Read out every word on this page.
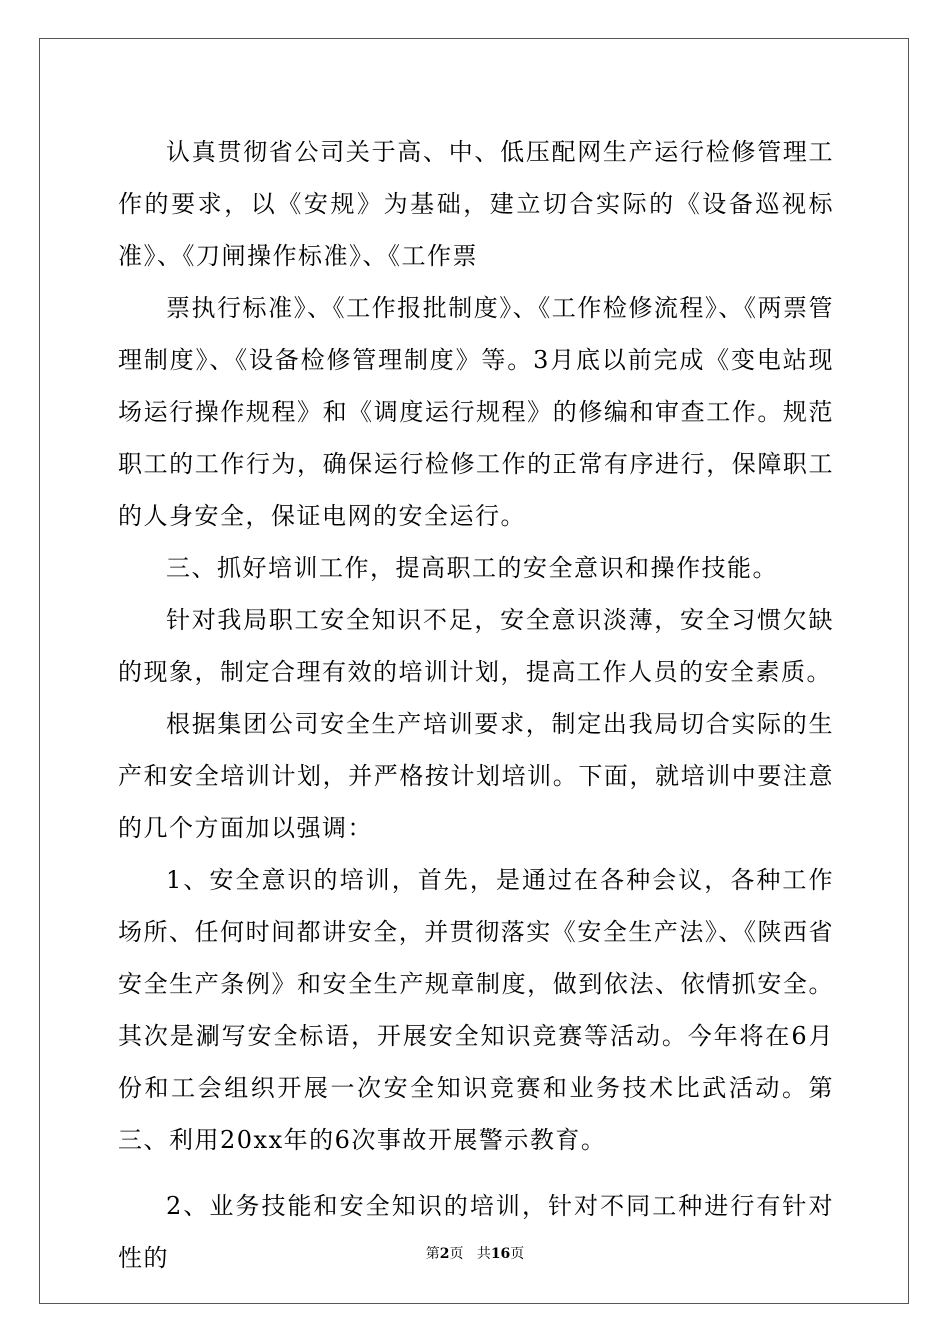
认真贯彻省公司关于高、中、低压配网生产运行检修管理工作的要求，以《安规》为基础，建立切合实际的《设备巡视标准》、《刀闸操作标准》、《工作票

票执行标准》、《工作报批制度》、《工作检修流程》、《两票管理制度》、《设备检修管理制度》等。3月底以前完成《变电站现场运行操作规程》和《调度运行规程》的修编和审查工作。规范职工的工作行为，确保运行检修工作的正常有序进行，保障职工的人身安全，保证电网的安全运行。

三、抓好培训工作，提高职工的安全意识和操作技能。

针对我局职工安全知识不足，安全意识淡薄，安全习惯欠缺的现象，制定合理有效的培训计划，提高工作人员的安全素质。

根据集团公司安全生产培训要求，制定出我局切合实际的生产和安全培训计划，并严格按计划培训。下面，就培训中要注意的几个方面加以强调：

1、安全意识的培训，首先，是通过在各种会议，各种工作场所、任何时间都讲安全，并贯彻落实《安全生产法》、《陕西省安全生产条例》和安全生产规章制度，做到依法、依情抓安全。其次是涮写安全标语，开展安全知识竞赛等活动。今年将在6月份和工会组织开展一次安全知识竞赛和业务技术比武活动。第三、利用20xx年的6次事故开展警示教育。

2、业务技能和安全知识的培训，针对不同工种进行有针对性的	第2页 共16页
